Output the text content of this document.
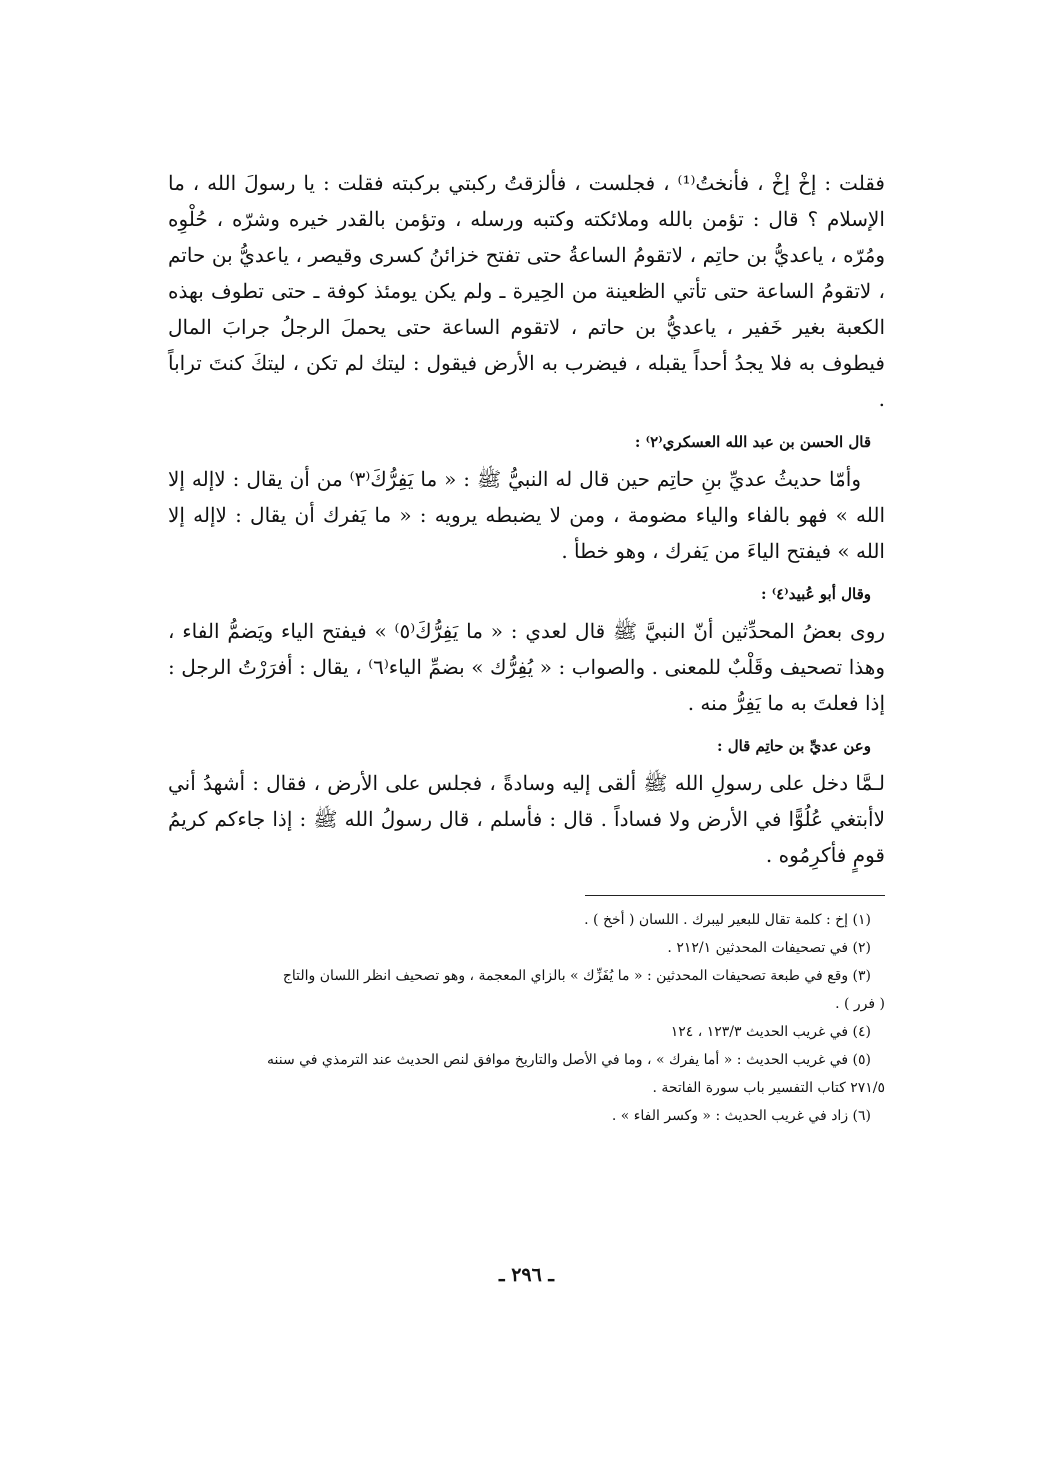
فقلت : إخْ إخْ ، فأنختُ⁽¹⁾ ، فجلست ، فألزقتُ ركبتي بركبته فقلت : يا رسولَ الله ، ما الإسلام ؟ قال : تؤمن بالله وملائكته وكتبه ورسله ، وتؤمن بالقدر خيره وشرّه ، حُلْوِه ومُرّه ، ياعديُّ بن حاتِم ، لاتقومُ الساعةُ حتى تفتح خزائنُ كسرى وقيصر ، ياعديُّ بن حاتم ، لاتقومُ الساعة حتى تأتي الظعينة من الحِيرة ـ ولم يكن يومئذ كوفة ـ حتى تطوف بهذه الكعبة بغير خَفير ، ياعديُّ بن حاتم ، لاتقوم الساعة حتى يحملَ الرجلُ جرابَ المال فيطوف به فلا يجدُ أحداً يقبله ، فيضرب به الأرض فيقول : ليتك لم تكن ، ليتكَ كنتَ تراباً .

قال الحسن بن عبد الله العسكري⁽٢⁾ :

وأمّا حديثُ عديِّ بنِ حاتِم حين قال له النبيُّ ﷺ : « ما يَفِرُّكَ⁽٣⁾ من أن يقال : لاإله إلا الله » فهو بالفاء والياء مضومة ، ومن لا يضبطه يرويه : « ما يَفرك أن يقال : لاإله إلا الله » فيفتح الياءَ من يَفرك ، وهو خطأ .

وقال أبو عُبيد⁽٤⁾ :

روى بعضُ المحدِّثين أنّ النبيَّ ﷺ قال لعدي : « ما يَفِرُّكَ⁽٥⁾ » فيفتح الياء ويَضمُّ الفاء ، وهذا تصحيف وقَلْبٌ للمعنى . والصواب : « يُفِرُّك » بضمِّ الياء⁽٦⁾ ، يقال : أفرَرْتُ الرجل : إذا فعلتَ به ما يَفِرُّ منه .

وعن عديِّ بن حاتِم قال :

لـمَّا دخل على رسولِ الله ﷺ ألقى إليه وسادةً ، فجلس على الأرض ، فقال : أشهدُ أني لاأبتغي عُلُوًّا في الأرض ولا فساداً . قال : فأسلم ، قال رسولُ الله ﷺ : إذا جاءكم كريمُ قومٍ فأكرِمُوه .

(١) إخ : كلمة تقال للبعير ليبرك . اللسان ( أخخ ) .

(٢) في تصحيفات المحدثين ٢١٢/١ .

(٣) وقع في طبعة تصحيفات المحدثين : « ما يُفَزِّك » بالزاي المعجمة ، وهو تصحيف انظر اللسان والتاج

( فرر ) .

(٤) في غريب الحديث ١٢٣/٣ ، ١٢٤

(٥) في غريب الحديث : « أما يفرك » ، وما في الأصل والتاريخ موافق لنص الحديث عند الترمذي في سننه

٢٧١/٥ كتاب التفسير باب سورة الفاتحة .

(٦) زاد في غريب الحديث : « وكسر الفاء » .

ـ ٢٩٦ ـ
